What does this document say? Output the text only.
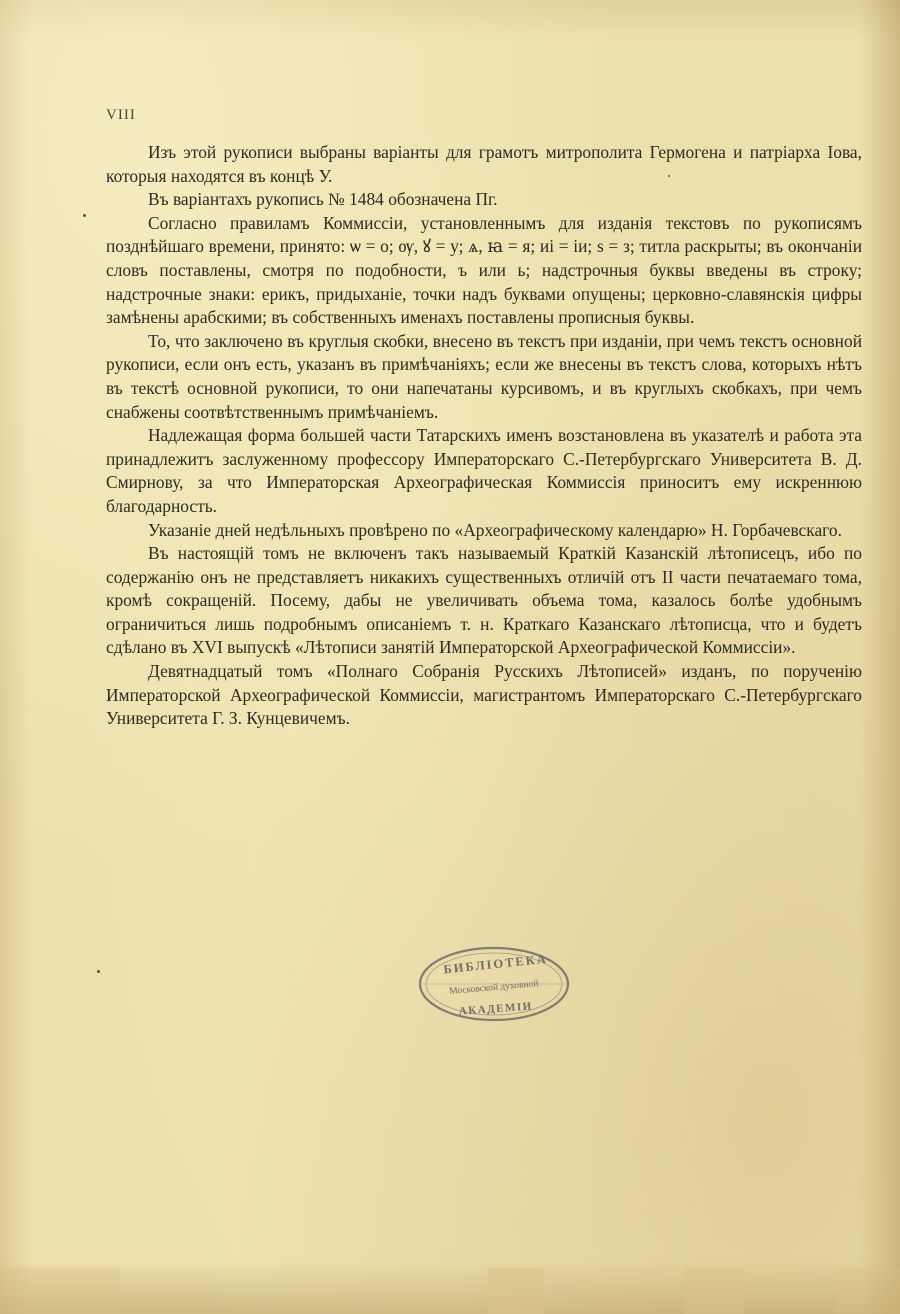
VIII

Изъ этой рукописи выбраны варіанты для грамотъ митрополита Гермогена и патріарха Іова, которыя находятся въ концѣ У.

Въ варіантахъ рукопись № 1484 обозначена Пг.

Согласно правиламъ Коммиссіи, установленнымъ для изданія текстовъ по рукописямъ позднѣйшаго времени, принято: ѡ = о; ѹ, ꙋ = у; ѧ, ꙗ = я; иі = іи; ѕ = з; титла раскрыты; въ окончаніи словъ поставлены, смотря по подобности, ъ или ь; надстрочныя буквы введены въ строку; надстрочные знаки: ерикъ, придыханіе, точки надъ буквами опущены; церковно-славянскія цифры замѣнены арабскими; въ собственныхъ именахъ поставлены прописныя буквы.

То, что заключено въ круглыя скобки, внесено въ текстъ при изданіи, при чемъ текстъ основной рукописи, если онъ есть, указанъ въ примѣчаніяхъ; если же внесены въ текстъ слова, которыхъ нѣтъ въ текстѣ основной рукописи, то они напечатаны курсивомъ, и въ круглыхъ скобкахъ, при чемъ снабжены соотвѣтственнымъ примѣчаніемъ.

Надлежащая форма большей части Татарскихъ именъ возстановлена въ указателѣ и работа эта принадлежитъ заслуженному профессору Императорскаго С.-Петербургскаго Университета В. Д. Смирнову, за что Императорская Археографическая Коммиссія приноситъ ему искреннюю благодарность.

Указаніе дней недѣльныхъ провѣрено по «Археографическому календарю» Н. Горбачевскаго.

Въ настоящій томъ не включенъ такъ называемый Краткій Казанскій лѣтописецъ, ибо по содержанію онъ не представляетъ никакихъ существенныхъ отличій отъ II части печатаемаго тома, кромѣ сокращеній. Посему, дабы не увеличивать объема тома, казалось болѣе удобнымъ ограничиться лишь подробнымъ описаніемъ т. н. Краткаго Казанскаго лѣтописца, что и будетъ сдѣлано въ XVI выпускѣ «Лѣтописи занятій Императорской Археографической Коммиссіи».

Девятнадцатый томъ «Полнаго Собранія Русскихъ Лѣтописей» изданъ, по порученію Императорской Археографической Коммиссіи, магистрантомъ Императорскаго С.-Петербургскаго Университета Г. З. Кунцевичемъ.

БИБЛІОТЕКА
Московской духовной
АКАДЕМІИ
